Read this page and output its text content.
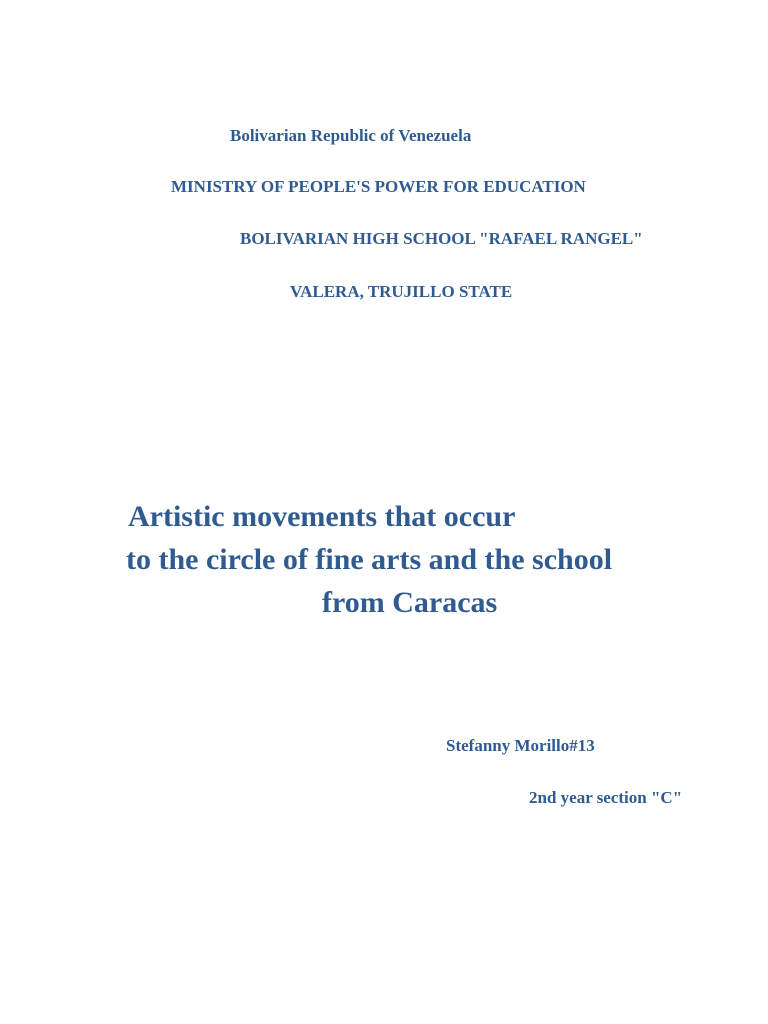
Bolivarian Republic of Venezuela
MINISTRY OF PEOPLE'S POWER FOR EDUCATION
BOLIVARIAN HIGH SCHOOL "RAFAEL RANGEL"
VALERA, TRUJILLO STATE
Artistic movements that occur
to the circle of fine arts and the school
from Caracas
Stefanny Morillo#13
2nd year section "C"
